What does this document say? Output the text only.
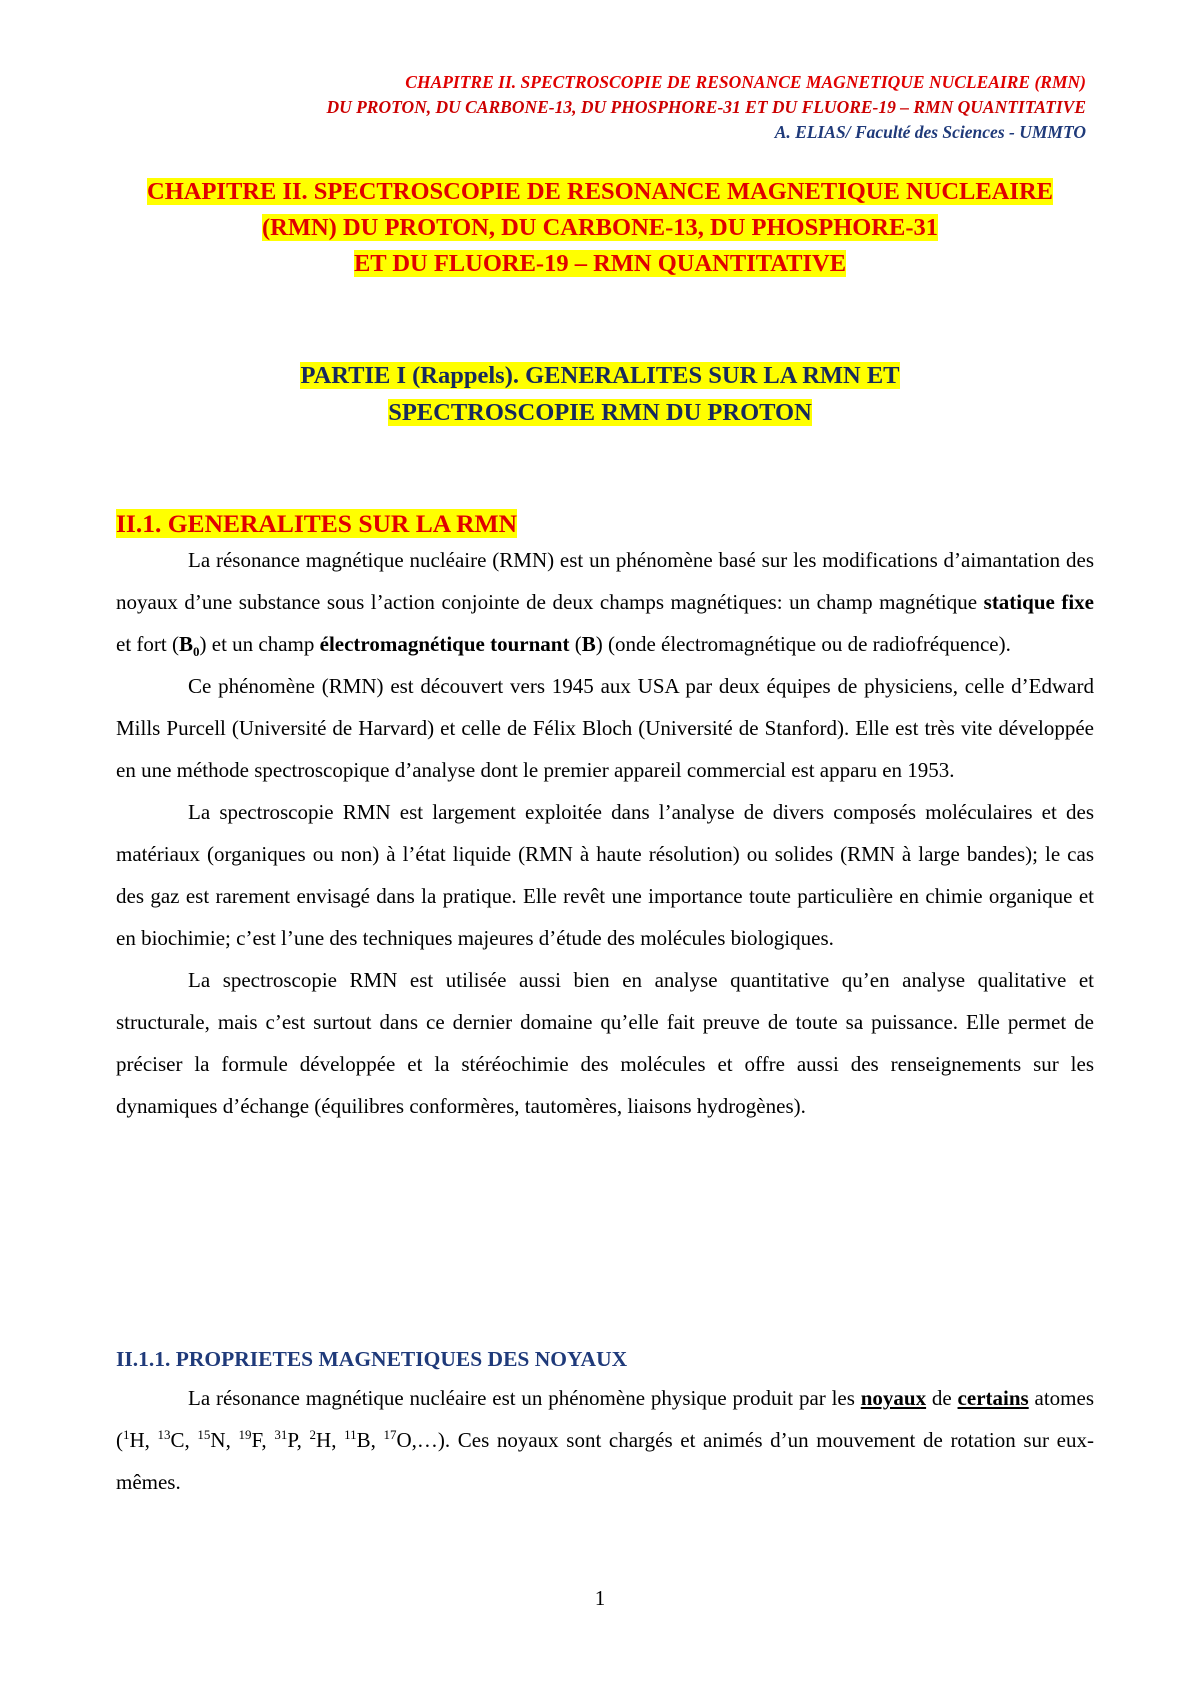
CHAPITRE II. SPECTROSCOPIE DE RESONANCE MAGNETIQUE NUCLEAIRE (RMN)
DU PROTON, DU CARBONE-13, DU PHOSPHORE-31 ET DU FLUORE-19 – RMN QUANTITATIVE
A. ELIAS/ Faculté des Sciences - UMMTO
CHAPITRE II. SPECTROSCOPIE DE RESONANCE MAGNETIQUE NUCLEAIRE
(RMN) DU PROTON, DU CARBONE-13, DU PHOSPHORE-31
ET DU FLUORE-19 – RMN QUANTITATIVE
PARTIE I (Rappels). GENERALITES SUR LA RMN ET
SPECTROSCOPIE RMN DU PROTON
II.1. GENERALITES SUR LA RMN

La résonance magnétique nucléaire (RMN) est un phénomène basé sur les modifications d’aimantation des noyaux d’une substance sous l’action conjointe de deux champs magnétiques: un champ magnétique statique fixe et fort $(B_0)$ et un champ électromagnétique tournant (B) (onde électromagnétique ou de radiofréquence).

Ce phénomène (RMN) est découvert vers 1945 aux USA par deux équipes de physiciens, celle d’Edward Mills Purcell (Université de Harvard) et celle de Félix Bloch (Université de Stanford). Elle est très vite développée en une méthode spectroscopique d’analyse dont le premier appareil commercial est apparu en 1953.

La spectroscopie RMN est largement exploitée dans l’analyse de divers composés moléculaires et des matériaux (organiques ou non) à l’état liquide (RMN à haute résolution) ou solides (RMN à large bandes); le cas des gaz est rarement envisagé dans la pratique. Elle revêt une importance toute particulière en chimie organique et en biochimie; c’est l’une des techniques majeures d’étude des molécules biologiques.

La spectroscopie RMN est utilisée aussi bien en analyse quantitative qu’en analyse qualitative et structurale, mais c’est surtout dans ce dernier domaine qu’elle fait preuve de toute sa puissance. Elle permet de préciser la formule développée et la stéréochimie des molécules et offre aussi des renseignements sur les dynamiques d’échange (équilibres conformères, tautomères, liaisons hydrogènes).

II.1.1. PROPRIETES MAGNETIQUES DES NOYAUX

La résonance magnétique nucléaire est un phénomène physique produit par les noyaux de certains atomes ($^1$H, $^{13}$C, $^{15}$N, $^{19}$F, $^{31}$P, $^2$H, $^{11}$B, $^{17}$O,…). Ces noyaux sont chargés et animés d’un mouvement de rotation sur eux-mêmes.

1
